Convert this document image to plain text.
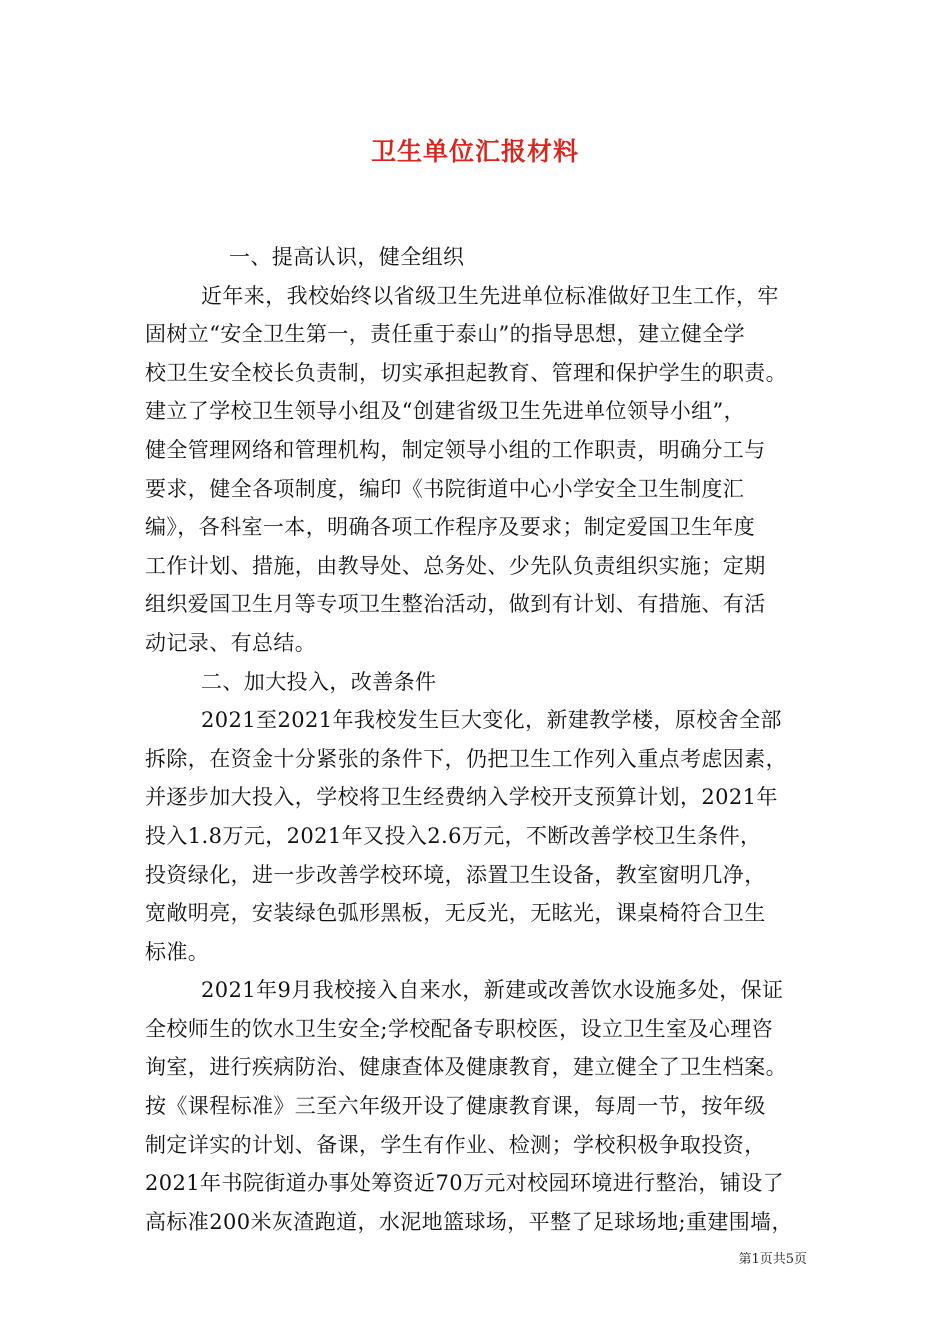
卫生单位汇报材料
一、提高认识，健全组织
近年来，我校始终以省级卫生先进单位标准做好卫生工作，牢
固树立“安全卫生第一，责任重于泰山”的指导思想，建立健全学
校卫生安全校长负责制，切实承担起教育、管理和保护学生的职责。
建立了学校卫生领导小组及“创建省级卫生先进单位领导小组”，
健全管理网络和管理机构，制定领导小组的工作职责，明确分工与
要求，健全各项制度，编印《书院街道中心小学安全卫生制度汇
编》，各科室一本，明确各项工作程序及要求；制定爱国卫生年度
工作计划、措施，由教导处、总务处、少先队负责组织实施；定期
组织爱国卫生月等专项卫生整治活动，做到有计划、有措施、有活
动记录、有总结。
二、加大投入，改善条件
2021至2021年我校发生巨大变化，新建教学楼，原校舍全部
拆除，在资金十分紧张的条件下，仍把卫生工作列入重点考虑因素，
并逐步加大投入，学校将卫生经费纳入学校开支预算计划，2021年
投入1.8万元，2021年又投入2.6万元，不断改善学校卫生条件，
投资绿化，进一步改善学校环境，添置卫生设备，教室窗明几净，
宽敞明亮，安装绿色弧形黑板，无反光，无眩光，课桌椅符合卫生
标准。
2021年9月我校接入自来水，新建或改善饮水设施多处，保证
全校师生的饮水卫生安全;学校配备专职校医，设立卫生室及心理咨
询室，进行疾病防治、健康查体及健康教育，建立健全了卫生档案。
按《课程标准》三至六年级开设了健康教育课，每周一节，按年级
制定详实的计划、备课，学生有作业、检测；学校积极争取投资，
2021年书院街道办事处筹资近70万元对校园环境进行整治，铺设了
高标准200米灰渣跑道，水泥地篮球场，平整了足球场地;重建围墙，
第1页共5页
